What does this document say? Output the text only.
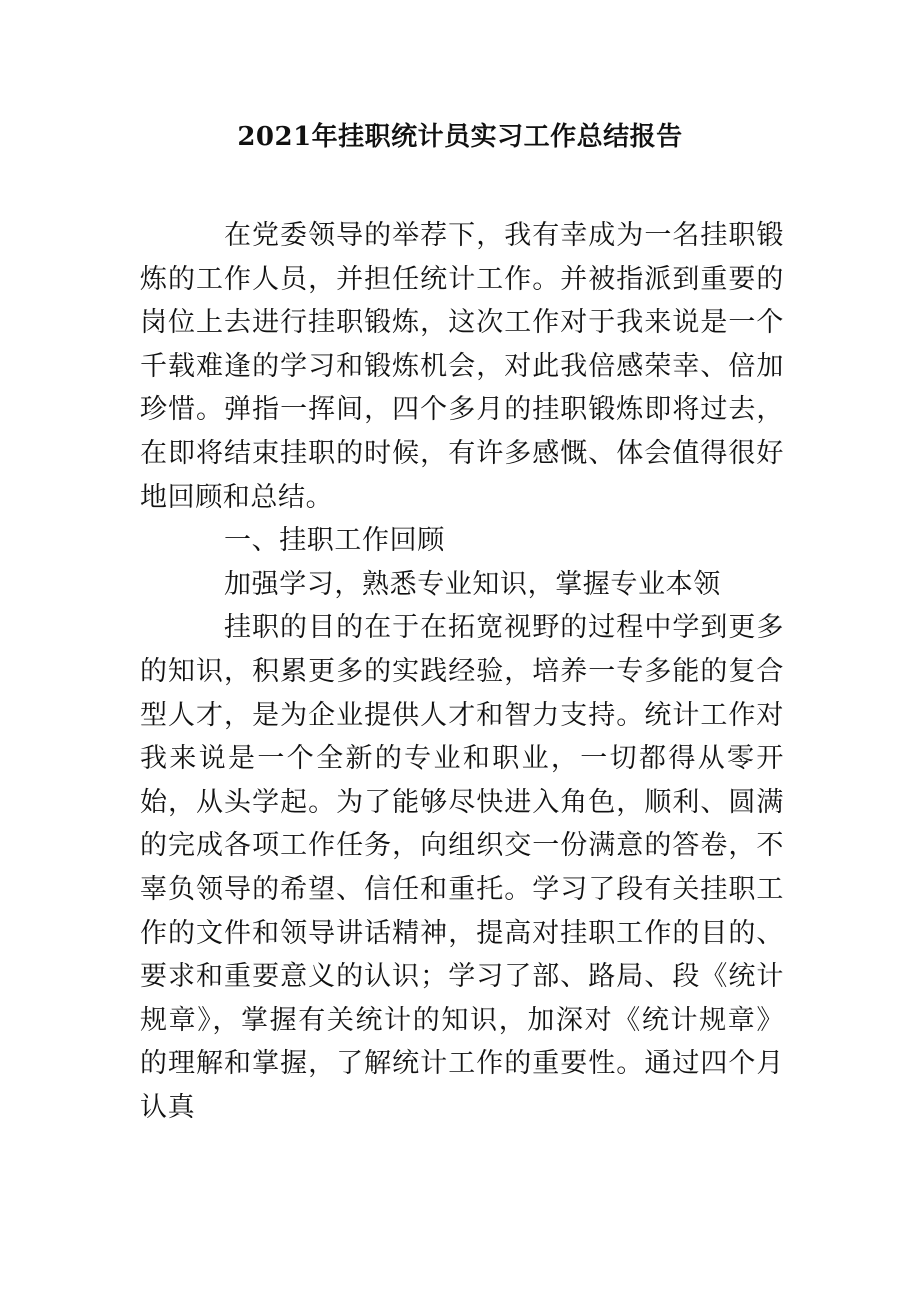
2021年挂职统计员实习工作总结报告

在党委领导的举荐下，我有幸成为一名挂职锻炼的工作人员，并担任统计工作。并被指派到重要的岗位上去进行挂职锻炼，这次工作对于我来说是一个千载难逢的学习和锻炼机会，对此我倍感荣幸、倍加珍惜。弹指一挥间，四个多月的挂职锻炼即将过去，在即将结束挂职的时候，有许多感慨、体会值得很好地回顾和总结。

一、挂职工作回顾

加强学习，熟悉专业知识，掌握专业本领

挂职的目的在于在拓宽视野的过程中学到更多的知识，积累更多的实践经验，培养一专多能的复合型人才，是为企业提供人才和智力支持。统计工作对我来说是一个全新的专业和职业，一切都得从零开始，从头学起。为了能够尽快进入角色，顺利、圆满的完成各项工作任务，向组织交一份满意的答卷，不辜负领导的希望、信任和重托。学习了段有关挂职工作的文件和领导讲话精神，提高对挂职工作的目的、要求和重要意义的认识；学习了部、路局、段《统计规章》，掌握有关统计的知识，加深对《统计规章》的理解和掌握，了解统计工作的重要性。通过四个月认真
